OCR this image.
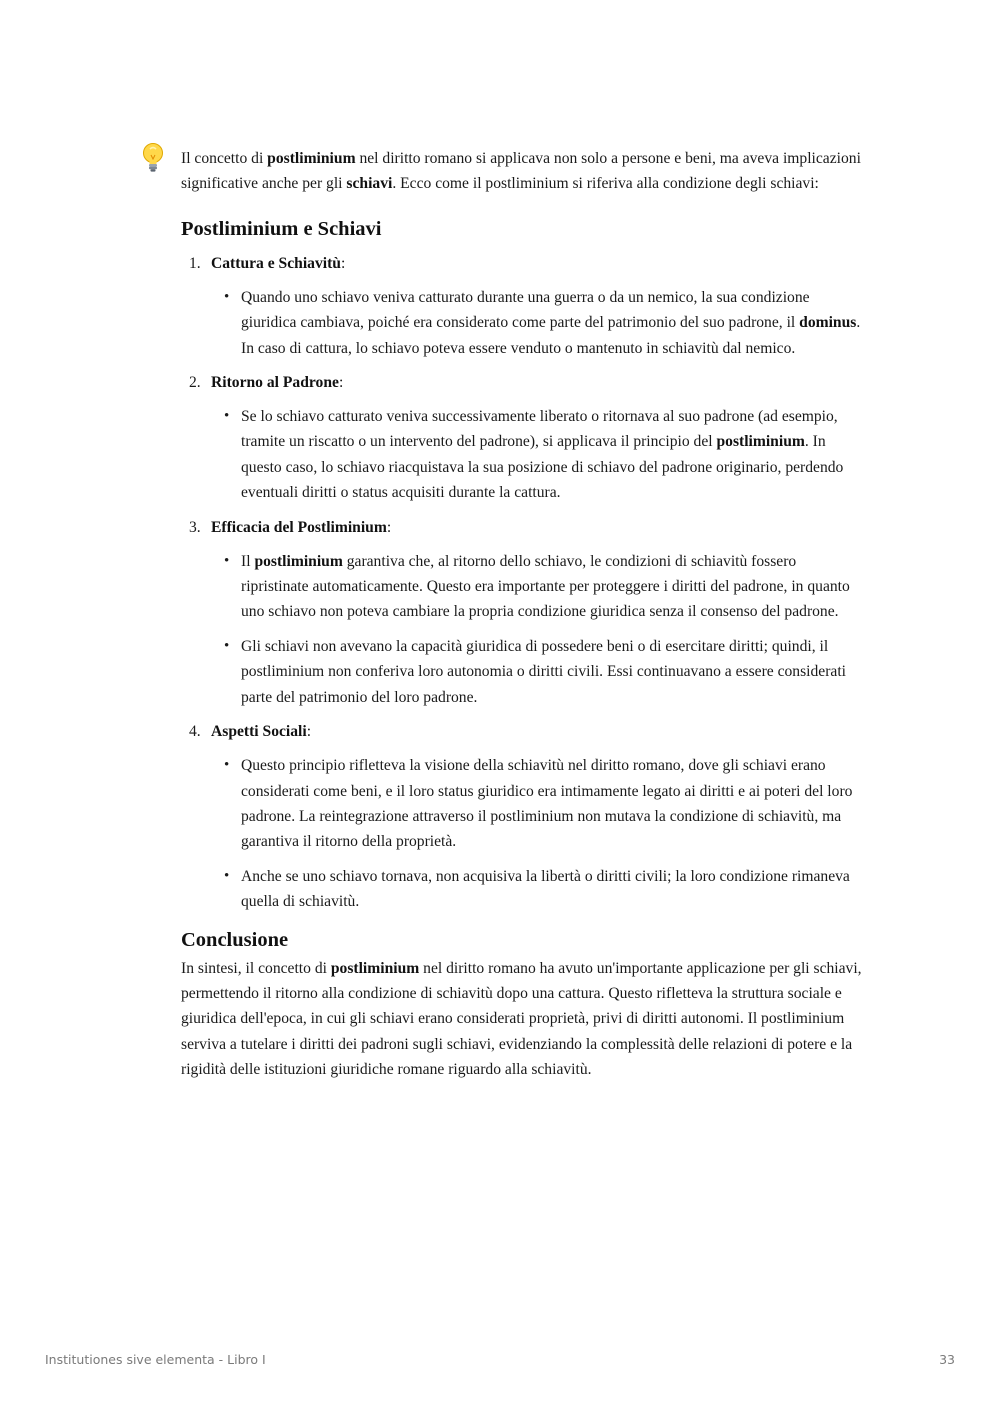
Il concetto di postliminium nel diritto romano si applicava non solo a persone e beni, ma aveva implicazioni significative anche per gli schiavi. Ecco come il postliminium si riferiva alla condizione degli schiavi:

Postliminium e Schiavi
1. Cattura e Schiavitù:
• Quando uno schiavo veniva catturato durante una guerra o da un nemico, la sua condizione giuridica cambiava, poiché era considerato come parte del patrimonio del suo padrone, il dominus. In caso di cattura, lo schiavo poteva essere venduto o mantenuto in schiavitù dal nemico.
2. Ritorno al Padrone:
• Se lo schiavo catturato veniva successivamente liberato o ritornava al suo padrone (ad esempio, tramite un riscatto o un intervento del padrone), si applicava il principio del postliminium. In questo caso, lo schiavo riacquistava la sua posizione di schiavo del padrone originario, perdendo eventuali diritti o status acquisiti durante la cattura.
3. Efficacia del Postliminium:
• Il postliminium garantiva che, al ritorno dello schiavo, le condizioni di schiavitù fossero ripristinate automaticamente. Questo era importante per proteggere i diritti del padrone, in quanto uno schiavo non poteva cambiare la propria condizione giuridica senza il consenso del padrone.
• Gli schiavi non avevano la capacità giuridica di possedere beni o di esercitare diritti; quindi, il postliminium non conferiva loro autonomia o diritti civili. Essi continuavano a essere considerati parte del patrimonio del loro padrone.
4. Aspetti Sociali:
• Questo principio rifletteva la visione della schiavitù nel diritto romano, dove gli schiavi erano considerati come beni, e il loro status giuridico era intimamente legato ai diritti e ai poteri del loro padrone. La reintegrazione attraverso il postliminium non mutava la condizione di schiavitù, ma garantiva il ritorno della proprietà.
• Anche se uno schiavo tornava, non acquisiva la libertà o diritti civili; la loro condizione rimaneva quella di schiavitù.
Conclusione

In sintesi, il concetto di postliminium nel diritto romano ha avuto un'importante applicazione per gli schiavi, permettendo il ritorno alla condizione di schiavitù dopo una cattura. Questo rifletteva la struttura sociale e giuridica dell'epoca, in cui gli schiavi erano considerati proprietà, privi di diritti autonomi. Il postliminium serviva a tutelare i diritti dei padroni sugli schiavi, evidenziando la complessità delle relazioni di potere e la rigidità delle istituzioni giuridiche romane riguardo alla schiavitù.

Institutiones sive elementa - Libro I	33
